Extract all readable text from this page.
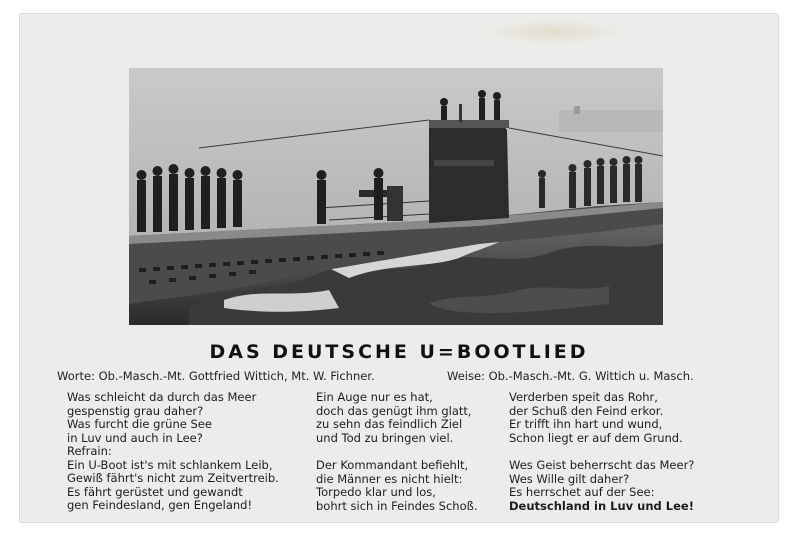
DAS DEUTSCHE U=BOOTLIED
Worte: Ob.-Masch.-Mt. Gottfried Wittich, Mt. W. Fichner.	Weise: Ob.-Masch.-Mt. G. Wittich u. Masch.
Was schleicht da durch das Meer
gespenstig grau daher?
Was furcht die grüne See
in Luv und auch in Lee?
Refrain:
Ein U-Boot ist's mit schlankem Leib,
Gewiß fährt's nicht zum Zeitvertreib.
Es fährt gerüstet und gewandt
gen Feindesland, gen Engeland!
Ein Auge nur es hat,
doch das genügt ihm glatt,
zu sehn das feindlich Ziel
und Tod zu bringen viel.
Der Kommandant befiehlt,
die Männer es nicht hielt:
Torpedo klar und los,
bohrt sich in Feindes Schoß.
Verderben speit das Rohr,
der Schuß den Feind erkor.
Er trifft ihn hart und wund,
Schon liegt er auf dem Grund.
Wes Geist beherrscht das Meer?
Wes Wille gilt daher?
Es herrschet auf der See:
Deutschland in Luv und Lee!
